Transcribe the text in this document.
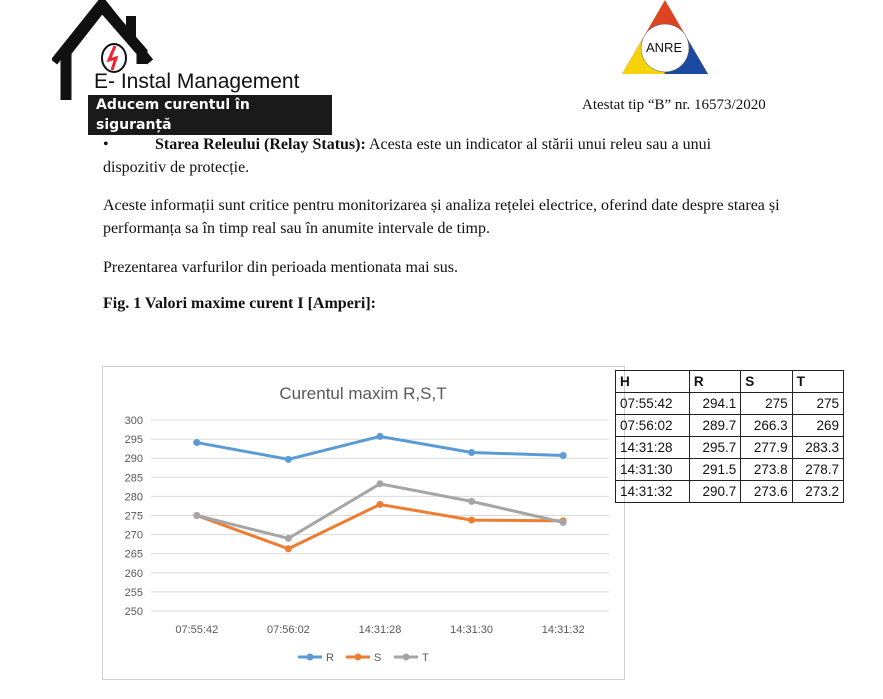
E- Instal Management
Aducem curentul în siguranță
ANRE
Atestat tip “B” nr. 16573/2020
•	Starea Releului (Relay Status): Acesta este un indicator al stării unui releu sau a unui dispozitiv de protecție.
Aceste informații sunt critice pentru monitorizarea și analiza rețelei electrice, oferind date despre starea și performanța sa în timp real sau în anumite intervale de timp.
Prezentarea varfurilor din perioada mentionata mai sus.
Fig. 1 Valori maxime curent I [Amperi]:
Curentul maxim R,S,T
300
295
290
285
280
275
270
265
260
255
250
07:55:42	07:56:02	14:31:28	14:31:30	14:31:32
R	S	T
H	R	S	T
07:55:42	294.1	275	275
07:56:02	289.7	266.3	269
14:31:28	295.7	277.9	283.3
14:31:30	291.5	273.8	278.7
14:31:32	290.7	273.6	273.2
